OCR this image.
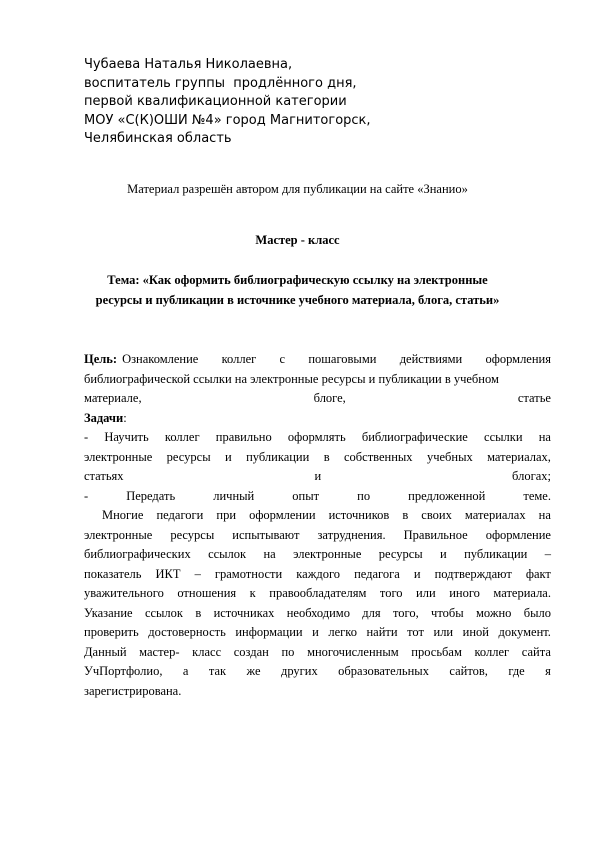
Чубаева Наталья Николаевна,
воспитатель группы  продлённого дня,
первой квалификационной категории
МОУ «С(К)ОШИ №4» город Магнитогорск,
Челябинская область
Материал разрешён автором для публикации на сайте «Знанио»
Мастер - класс
Тема: «Как оформить библиографическую ссылку на электронные
ресурсы и публикации в источнике учебного материала, блога, статьи»
Цель: Ознакомление коллег с пошаговыми действиями оформления
библиографической ссылки на электронные ресурсы и публикации в учебном
материале,	блоге,	статье
Задачи:
- Научить коллег правильно оформлять библиографические ссылки на
электронные ресурсы и публикации в собственных учебных материалах,
статьях	и	блогах;
-	Передать	личный	опыт	по	предложенной	теме.
Многие педагоги при оформлении источников в своих материалах на
электронные ресурсы испытывают затруднения. Правильное оформление
библиографических ссылок на электронные ресурсы и публикации –
показатель ИКТ – грамотности каждого педагога и подтверждают факт
уважительного отношения к правообладателям того или иного материала.
Указание ссылок в источниках необходимо для того, чтобы можно было
проверить достоверность информации и легко найти тот или иной документ.
Данный мастер- класс создан по многочисленным просьбам коллег сайта
УчПортфолио, а так же других образовательных сайтов, где я
зарегистрирована.
